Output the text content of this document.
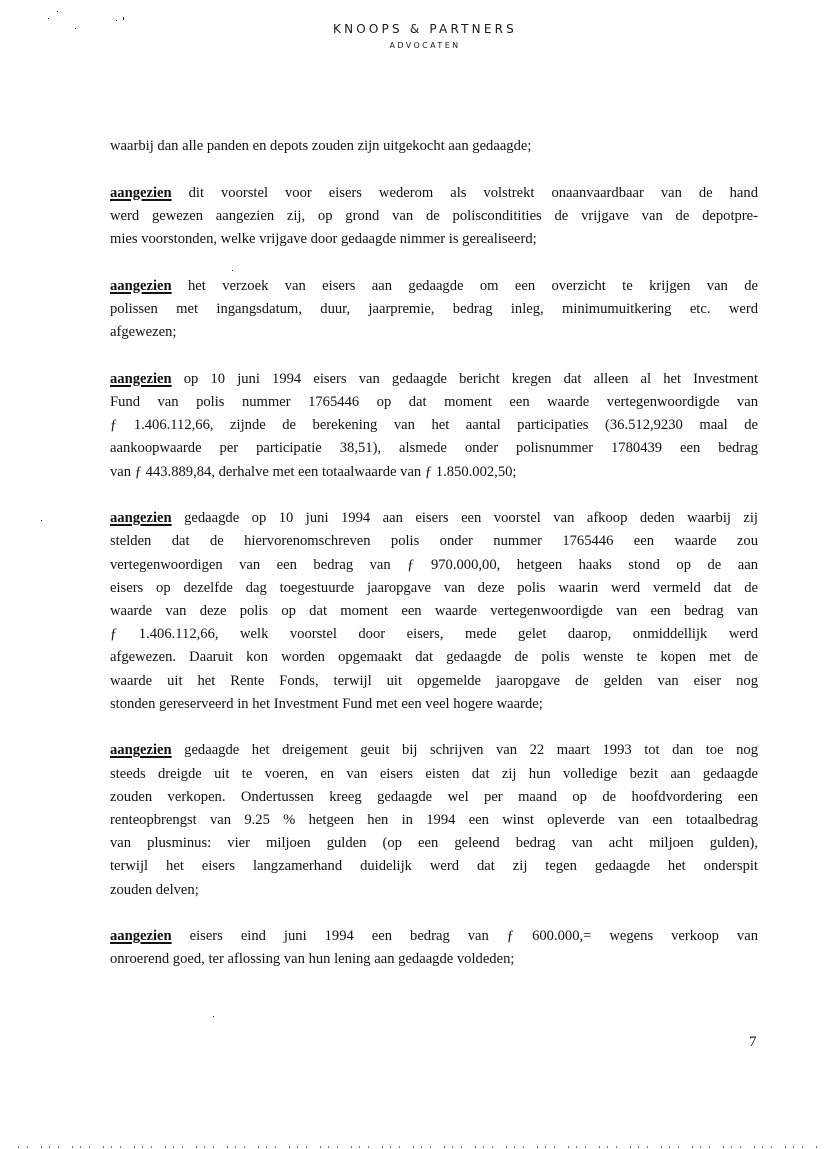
KNOOPS & PARTNERS
ADVOCATEN
waarbij dan alle panden en depots zouden zijn uitgekocht aan gedaagde;
aangezien dit voorstel voor eisers wederom als volstrekt onaanvaardbaar van de hand
werd gewezen aangezien zij, op grond van de polisconditities de vrijgave van de depotpre-
mies voorstonden, welke vrijgave door gedaagde nimmer is gerealiseerd;
aangezien het verzoek van eisers aan gedaagde om een overzicht te krijgen van de
polissen met ingangsdatum, duur, jaarpremie, bedrag inleg, minimumuitkering etc. werd
afgewezen;
aangezien op 10 juni 1994 eisers van gedaagde bericht kregen dat alleen al het Investment
Fund van polis nummer 1765446 op dat moment een waarde vertegenwoordigde van
ƒ 1.406.112,66, zijnde de berekening van het aantal participaties (36.512,9230 maal de
aankoopwaarde per participatie 38,51), alsmede onder polisnummer 1780439 een bedrag
van ƒ 443.889,84, derhalve met een totaalwaarde van ƒ 1.850.002,50;
aangezien gedaagde op 10 juni 1994 aan eisers een voorstel van afkoop deden waarbij zij
stelden dat de hiervorenomschreven polis onder nummer 1765446 een waarde zou
vertegenwoordigen van een bedrag van ƒ 970.000,00, hetgeen haaks stond op de aan
eisers op dezelfde dag toegestuurde jaaropgave van deze polis waarin werd vermeld dat de
waarde van deze polis op dat moment een waarde vertegenwoordigde van een bedrag van
ƒ 1.406.112,66, welk voorstel door eisers, mede gelet daarop, onmiddellijk werd
afgewezen. Daaruit kon worden opgemaakt dat gedaagde de polis wenste te kopen met de
waarde uit het Rente Fonds, terwijl uit opgemelde jaaropgave de gelden van eiser nog
stonden gereserveerd in het Investment Fund met een veel hogere waarde;
aangezien gedaagde het dreigement geuit bij schrijven van 22 maart 1993 tot dan toe nog
steeds dreigde uit te voeren, en van eisers eisten dat zij hun volledige bezit aan gedaagde
zouden verkopen. Ondertussen kreeg gedaagde wel per maand op de hoofdvordering een
renteopbrengst van 9.25 % hetgeen hen in 1994 een winst opleverde van een totaalbedrag
van plusminus: vier miljoen gulden (op een geleend bedrag van acht miljoen gulden),
terwijl het eisers langzamerhand duidelijk werd dat zij tegen gedaagde het onderspit
zouden delven;
aangezien eisers eind juni 1994 een bedrag van ƒ 600.000,= wegens verkoop van
onroerend goed, ter aflossing van hun lening aan gedaagde voldeden;
7
